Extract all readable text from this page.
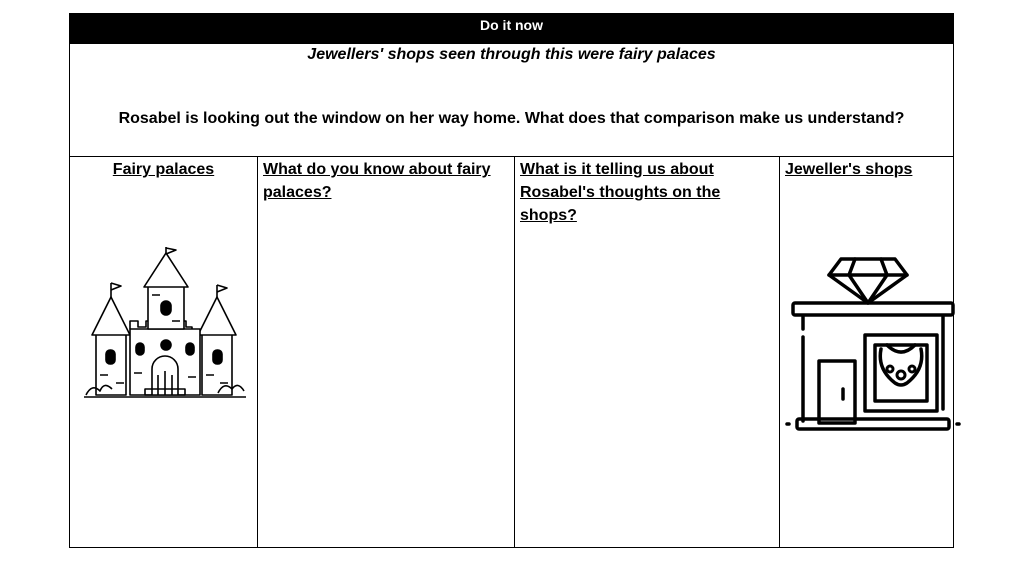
Do it now
Jewellers' shops seen through this were fairy palaces
Rosabel is looking out the window on her way home. What does that comparison make us understand?
Fairy palaces	What do you know about fairy palaces?
What is it telling us about Rosabel's thoughts on the shops?
Jeweller's shops
